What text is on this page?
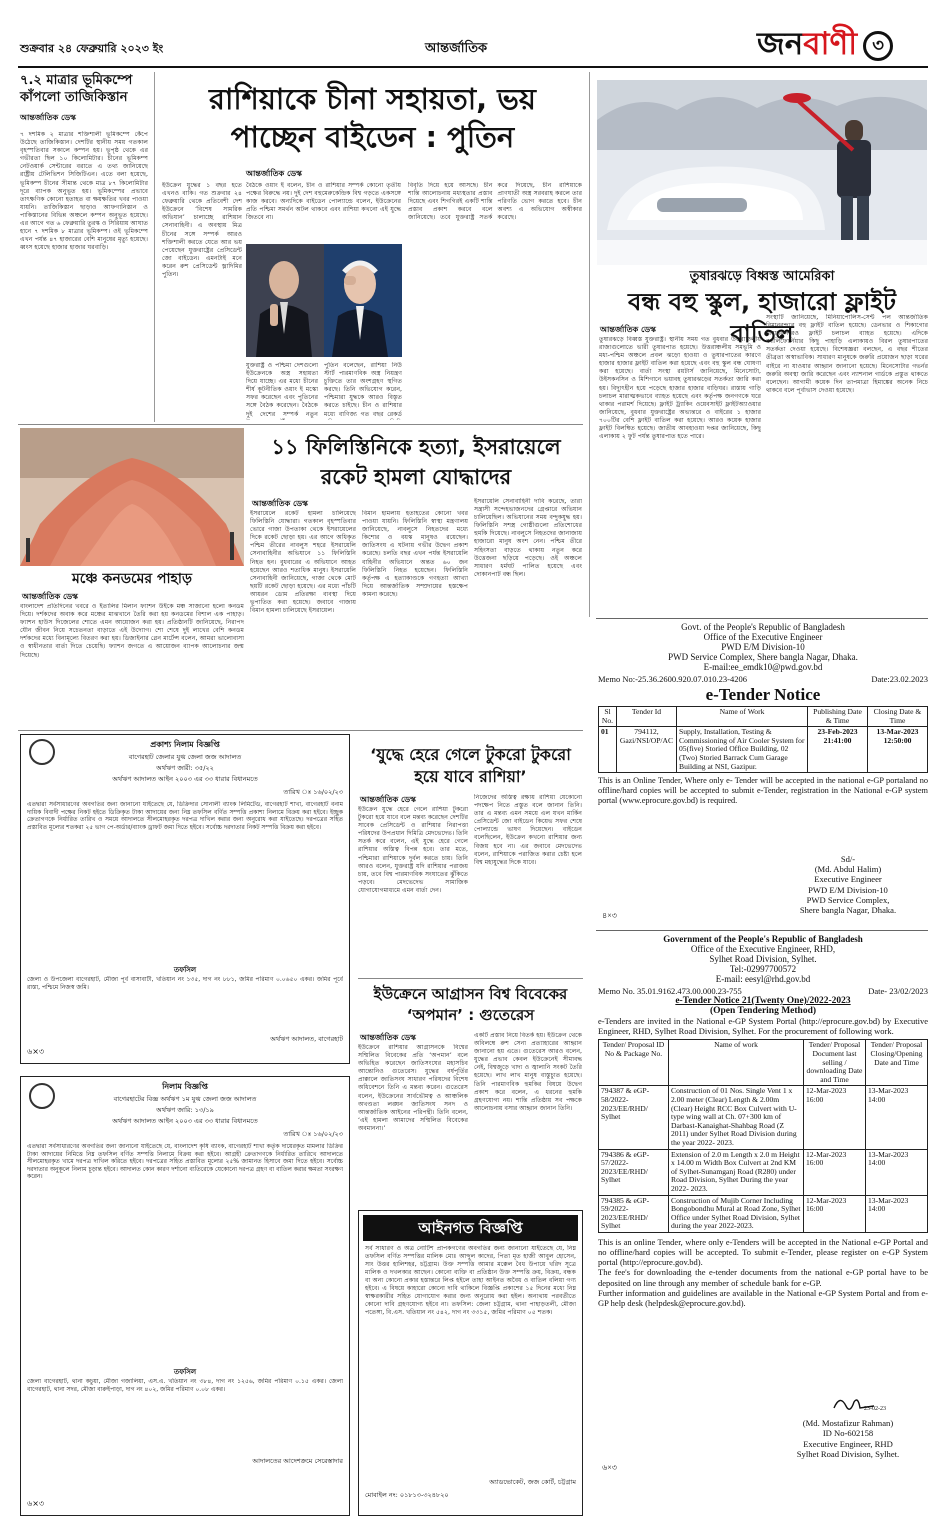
শুক্রবার ২৪ ফেব্রুয়ারি ২০২৩ ইং	আন্তর্জাতিক	জন বাণী ৩
৭.২ মাত্রার ভূমিকম্পে কাঁপলো তাজিকিস্তান
আন্তর্জাতিক ডেস্ক
৭ দশমিক ২ মাত্রার শক্তিশালী ভূমিকম্পে কেঁপে উঠেছে তাজিকিস্তান। দেশটির স্থানীয় সময় গতকাল বৃহস্পতিবার সকালে কম্পন হয়। ভূপৃষ্ঠ থেকে এর গভীরতা ছিল ১০ কিলোমিটার। চীনের ভূমিকম্প নেটওয়ার্ক সেন্টারের বরাতে এ তথ্য জানিয়েছে রাষ্ট্রীয় টেলিভিশন সিজিটিএন। এতে বলা হয়েছে, ভূমিকম্প চীনের সীমান্ত থেকে মাত্র ৮৭ কিলোমিটার দূরে ব্যাপক অনুভূত হয়। ভূমিকম্পের প্রভাবে তাৎক্ষণিক কোনো হতাহত বা ক্ষয়ক্ষতির খবর পাওয়া যায়নি। তাজিকিস্তান ছাড়াও আফগানিস্তান ও পাকিস্তানের বিভিন্ন অঞ্চলে কম্পন অনুভূত হয়েছে। এর আগে গত ৬ ফেব্রুয়ারি তুরস্ক ও সিরিয়ায় আঘাত হানে ৭ দশমিক ৮ মাত্রার ভূমিকম্প। ওই ভূমিকম্পে এখন পর্যন্ত ৪৭ হাজারের বেশি মানুষের মৃত্যু হয়েছে। ধ্বংস হয়েছে হাজার হাজার ঘরবাড়ি।
রাশিয়াকে চীনা সহায়তা, ভয় পাচ্ছেন বাইডেন : পুতিন
আন্তর্জাতিক ডেস্ক
ইউক্রেন যুদ্ধের ১ বছর হতে এখনও বাকি। গত শুক্রবার ২৪ ফেব্রুয়ারি থেকে প্রতিবেশী দেশ ইউক্রেনে ‘বিশেষ সামরিক অভিযান’ চালাচ্ছে রাশিয়ান সেনাবাহিনী। এ অবস্থায় মিত্র চীনের সঙ্গে সম্পর্ক আরও শক্তিশালী করতে যেতে আর ভয় পেয়েছেন যুক্তরাষ্ট্রের প্রেসিডেন্ট জো বাইডেন। এমনটাই মনে করেন রুশ প্রেসিডেন্ট ভ্লাদিমির পুতিন।
বৈঠকে ওয়াং ই বলেন, চীন ও রাশিয়ার সম্পর্ক কোনো তৃতীয় পক্ষের বিরুদ্ধে নয়। দুই দেশ বহুমেরুকেন্দ্রিক বিশ্ব গড়তে একসঙ্গে কাজ করবে। অন্যদিকে বাইডেন পোল্যান্ডে বলেন, ইউক্রেনের প্রতি পশ্চিমা সমর্থন অটল থাকবে এবং রাশিয়া কখনো এই যুদ্ধে জিতবে না।
যুক্তরাষ্ট্র ও পশ্চিমা দেশগুলো ইউক্রেনকে অস্ত্র সহায়তা দিয়ে যাচ্ছে। এর মধ্যে চীনের শীর্ষ কূটনীতিক ওয়াং ই মস্কো সফর করেছেন এবং পুতিনের সঙ্গে বৈঠক করেছেন। বৈঠকে দুই দেশের সম্পর্ক নতুন
পুতিন বলেছেন, রাশিয়া নিউ স্টার্ট পারমাণবিক অস্ত্র নিয়ন্ত্রণ চুক্তিতে তার অংশগ্রহণ স্থগিত করছে। তিনি অভিযোগ করেন, পশ্চিমারা যুদ্ধকে আরও বিস্তৃত করতে চাইছে। চীন ও রাশিয়ার মধ্যে বাণিজ্য গত বছর রেকর্ড
বিবৃতি দিয়ে হয়ে আসছে। চীন শান্তি আলোচনায় মধ্যস্থতার প্রস্তাব দিয়েছে এবং শিগগিরই একটি শান্তি প্রস্তাব প্রকাশ করবে বলে জানিয়েছে। তবে যুক্তরাষ্ট্র সতর্ক করে দিয়েছে, চীন রাশিয়াকে প্রাণঘাতী অস্ত্র সরবরাহ করলে তার পরিণতি ভোগ করতে হবে। চীন অবশ্য এ অভিযোগ অস্বীকার করেছে।
তুষারঝড়ে বিধ্বস্ত আমেরিকা
বন্ধ বহু স্কুল, হাজারো ফ্লাইট বাতিল
আন্তর্জাতিক ডেস্ক
তুষারঝড়ে বিধ্বস্ত যুক্তরাষ্ট্র। স্থানীয় সময় গত বুধবার উত্তরাঞ্চলীয় রাজ্যগুলোতে ভারী তুষারপাত হয়েছে। উত্তরাঞ্চলীয় সমভূমি ও মধ্য-পশ্চিম অঞ্চলে প্রবল ঝড়ো হাওয়া ও তুষারপাতের কারণে হাজার হাজার ফ্লাইট বাতিল করা হয়েছে এবং বহু স্কুল বন্ধ ঘোষণা করা হয়েছে। বার্তা সংস্থা রয়টার্স জানিয়েছে, মিনেসোটা, উইসকনসিন ও মিশিগানে ভয়াবহ তুষারঝড়ের সতর্কতা জারি করা হয়। বিদ্যুৎহীন হয়ে পড়েছে হাজার হাজার বাড়িঘর। রাস্তায় গাড়ি চলাচল মারাত্মকভাবে ব্যাহত হয়েছে এবং কর্তৃপক্ষ জনগণকে ঘরে থাকার পরামর্শ দিয়েছে। ফ্লাইট ট্র্যাকিং ওয়েবসাইট ফ্লাইটঅ্যাওয়ার জানিয়েছে, বুধবার যুক্তরাষ্ট্রের অভ্যন্তরে ও বাইরের ১ হাজার ৭০০টির বেশি ফ্লাইট বাতিল করা হয়েছে। আরও কয়েক হাজার ফ্লাইট বিলম্বিত হয়েছে। জাতীয় আবহাওয়া দপ্তর জানিয়েছে, কিছু এলাকায় ২ ফুট পর্যন্ত তুষারপাত হতে পারে।
সংস্থাটি জানিয়েছে, মিনিয়াপোলিস-সেন্ট পল আন্তর্জাতিক বিমানবন্দরে বহু ফ্লাইট বাতিল হয়েছে। ডেনভার ও শিকাগোর বিমানবন্দরেও ফ্লাইট চলাচল ব্যাহত হয়েছে। এদিকে ক্যালিফোর্নিয়ার কিছু পাহাড়ি এলাকায়ও বিরল তুষারপাতের সতর্কতা দেওয়া হয়েছে। বিশেষজ্ঞরা বলছেন, এ বছর শীতের তীব্রতা অস্বাভাবিক। সাধারণ মানুষকে জরুরি প্রয়োজন ছাড়া ঘরের বাইরে না যাওয়ার আহ্বান জানানো হয়েছে। মিনেসোটার গভর্নর জরুরি অবস্থা জারি করেছেন এবং ন্যাশনাল গার্ডকে প্রস্তুত থাকতে বলেছেন। আগামী কয়েক দিন তাপমাত্রা হিমাঙ্কের অনেক নিচে থাকবে বলে পূর্বাভাস দেওয়া হয়েছে।
মঞ্চে কনডমের পাহাড়
আন্তর্জাতিক ডেস্ক
বাংলাদেশ প্রতিদিনের খবরে ও ইতালির মিলান ফ্যাশন উইকে মঞ্চ সাজানো হলো কনডম দিয়ে। দর্শকদের অবাক করে মঞ্চের মাঝখানে তৈরি করা হয় কনডমের বিশাল এক পাহাড়। ফ্যাশন হাউস দিজেলের শোতে এমন আয়োজন করা হয়। প্রতিষ্ঠানটি জানিয়েছে, নিরাপদ যৌন জীবন নিয়ে সচেতনতা বাড়াতে এই উদ্যোগ। শো শেষে দুই লাখের বেশি কনডম দর্শকদের মধ্যে বিনামূল্যে বিতরণ করা হয়। ডিজাইনার গ্লেন মার্টেন্স বলেন, আমরা ভালোবাসা ও স্বাধীনতার বার্তা দিতে চেয়েছি। ফ্যাশন জগতে এ আয়োজন ব্যাপক আলোচনার জন্ম দিয়েছে।
১১ ফিলিস্তিনিকে হত্যা, ইসরায়েলে রকেট হামলা যোদ্ধাদের
আন্তর্জাতিক ডেস্ক
ইসরায়েলে রকেট হামলা চালিয়েছে ফিলিস্তিনি যোদ্ধারা। গতকাল বৃহস্পতিবার ভোরে গাজা উপত্যকা থেকে ইসরায়েলের দিকে রকেট ছোড়া হয়। এর আগে অধিকৃত পশ্চিম তীরের নাবলুস শহরে ইসরায়েলি সেনাবাহিনীর অভিযানে ১১ ফিলিস্তিনি নিহত হন। বুধবারের এ অভিযানে আহত হয়েছেন আরও শতাধিক মানুষ। ইসরায়েলি সেনাবাহিনী জানিয়েছে, গাজা থেকে মোট ছয়টি রকেট ছোড়া হয়েছে। এর মধ্যে পাঁচটি আয়রন ডোম প্রতিরক্ষা ব্যবস্থা দিয়ে ভূপাতিত করা হয়েছে। জবাবে গাজায় বিমান হামলা চালিয়েছে ইসরায়েল।
বিমান হামলায় হতাহতের কোনো খবর পাওয়া যায়নি। ফিলিস্তিনি স্বাস্থ্য মন্ত্রণালয় জানিয়েছে, নাবলুসে নিহতদের মধ্যে কিশোর ও বয়স্ক মানুষও রয়েছেন। জাতিসংঘ এ ঘটনায় গভীর উদ্বেগ প্রকাশ করেছে। চলতি বছর এখন পর্যন্ত ইসরায়েলি বাহিনীর অভিযানে অন্তত ৬০ জন ফিলিস্তিনি নিহত হয়েছেন। ফিলিস্তিনি কর্তৃপক্ষ এ হত্যাকাণ্ডকে গণহত্যা আখ্যা দিয়ে আন্তর্জাতিক সম্প্রদায়ের হস্তক্ষেপ কামনা করেছে।
ইসরায়েলি সেনাবাহিনী দাবি করেছে, তারা সন্ত্রাসী সন্দেহভাজনদের গ্রেপ্তারে অভিযান চালিয়েছিল। অভিযানের সময় বন্দুকযুদ্ধ হয়। ফিলিস্তিনি সশস্ত্র গোষ্ঠীগুলো প্রতিশোধের হুমকি দিয়েছে। নাবলুসে নিহতদের জানাজায় হাজারো মানুষ অংশ নেন। পশ্চিম তীরে সহিংসতা বাড়তে থাকায় নতুন করে উত্তেজনা ছড়িয়ে পড়েছে। ওই অঞ্চলে সাধারণ ধর্মঘট পালিত হয়েছে এবং দোকানপাট বন্ধ ছিল।
প্রকাশ্য নিলাম বিজ্ঞপ্তি
বাগেরহাট জেলার যুগ্ম জেলা জজ আদালত
অর্থঋণ জারী: ৩৫/২২
অর্থঋণ আদালত আইন ২০০৩ এর ৩৩ ধারার বিধানমতে
তারিখ ঃ ১৬/০২/২৩
এতদ্বারা সর্বসাধারণের অবগতির জন্য জানানো যাইতেছে যে, ডিক্রিদার সোনালী ব্যাংক লিমিটেড, বাগেরহাট শাখা, বাগেরহাট বনাম দায়িক বিবাদী পক্ষের নিকট হইতে ডিক্রিকৃত টাকা আদায়ের জন্য নিম্ন তফসিল বর্ণিত সম্পত্তি প্রকাশ্য নিলামে বিক্রয় করা হইবে। ইচ্ছুক ক্রেতাগণকে নির্ধারিত তারিখ ও সময়ে আদালতে সীলমোহরকৃত দরপত্র দাখিল করার জন্য অনুরোধ করা যাইতেছে। দরপত্রের সহিত প্রস্তাবিত মূল্যের শতকরা ২৫ ভাগ পে-অর্ডার/ব্যাংক ড্রাফট জমা দিতে হইবে। সর্বোচ্চ দরদাতার নিকট সম্পত্তি বিক্রয় করা হইবে।
তফসিল
জেলা ও উপজেলা বাগেরহাট, মৌজা পূর্ব বাসাবাটী, খতিয়ান নং ১৩৫, দাগ নং ৮৮১, জমির পরিমাণ ০.০৬৫০ একর। জমির পূর্বে রাস্তা, পশ্চিমে নিজস্ব জমি।
অর্থঋণ আদালত, বাগেরহাট
৬×৩
নিলাম বিজ্ঞপ্তি
বাগেরহাটের বিজ্ঞ অর্থঋণ ১ম যুগ্ম জেলা জজ আদালত
অর্থঋণ জারি: ১৩/১৯
অর্থঋণ আদালত আইন ২০০৩ এর ৩৩ ধারার বিধানমতে
তারিখ ঃ ১৬/০২/২৩
এতদ্বারা সর্বসাধারণের অবগতির জন্য জানানো যাইতেছে যে, বাংলাদেশ কৃষি ব্যাংক, বাগেরহাট শাখা কর্তৃক দায়েরকৃত মামলার ডিক্রির টাকা আদায়ের নিমিত্তে নিম্ন তফসিল বর্ণিত সম্পত্তি নিলামে বিক্রয় করা হইবে। আগ্রহী ক্রেতাগণকে নির্ধারিত তারিখে আদালতে সীলমোহরকৃত খামে দরপত্র দাখিল করিতে হইবে। দরপত্রের সহিত প্রস্তাবিত মূল্যের ২৫% জামানত হিসাবে জমা দিতে হইবে। সর্বোচ্চ দরদাতার অনুকূলে নিলাম চূড়ান্ত হইবে। আদালত কোন কারণ দর্শানো ব্যতিরেকে যেকোনো দরপত্র গ্রহণ বা বাতিল করার ক্ষমতা সংরক্ষণ করেন।
তফসিল
জেলা বাগেরহাট, থানা কচুয়া, মৌজা গজালিয়া, এস.এ. খতিয়ান নং ৩৮৪, দাগ নং ১২৫৬, জমির পরিমাণ ০.১৫ একর। জেলা বাগেরহাট, থানা সদর, মৌজা বারুইপাড়া, দাগ নং ৪০২, জমির পরিমাণ ০.০৮ একর।
আদালতের আদেশক্রমে সেরেস্তাদার
৬×৩
‘যুদ্ধে হেরে গেলে টুকরো টুকরো হয়ে যাবে রাশিয়া’
আন্তর্জাতিক ডেস্ক
ইউক্রেন যুদ্ধে হেরে গেলে রাশিয়া টুকরো টুকরো হয়ে যাবে বলে মন্তব্য করেছেন দেশটির সাবেক প্রেসিডেন্ট ও রাশিয়ার নিরাপত্তা পরিষদের উপপ্রধান দিমিত্রি মেদভেদেভ। তিনি সতর্ক করে বলেন, এই যুদ্ধে হেরে গেলে রাশিয়ার অস্তিত্ব বিপন্ন হবে। তার মতে, পশ্চিমারা রাশিয়াকে দুর্বল করতে চায়। তিনি আরও বলেন, যুক্তরাষ্ট্র যদি রাশিয়ার পরাজয় চায়, তবে বিশ্ব পারমাণবিক সংঘাতের ঝুঁকিতে পড়বে। মেদভেদেভ সামাজিক যোগাযোগমাধ্যমে এমন বার্তা দেন।
নিজেদের অস্তিত্ব রক্ষায় রাশিয়া যেকোনো পদক্ষেপ নিতে প্রস্তুত বলে জানান তিনি। তার এ মন্তব্য এমন সময়ে এল যখন মার্কিন প্রেসিডেন্ট জো বাইডেন কিয়েভ সফর শেষে পোল্যান্ডে ভাষণ দিয়েছেন। বাইডেন বলেছিলেন, ইউক্রেন কখনো রাশিয়ার জন্য বিজয় হবে না। এর জবাবে মেদভেদেভ বলেন, রাশিয়াকে পরাজিত করার চেষ্টা হলে বিশ্ব মহাযুদ্ধের দিকে যাবে।
ইউক্রেনে আগ্রাসন বিশ্ব বিবেকের ‘অপমান’ : গুতেরেস
আন্তর্জাতিক ডেস্ক
ইউক্রেনে রাশিয়ার আগ্রাসনকে বিশ্বের সম্মিলিত বিবেকের প্রতি ‘অপমান’ বলে অভিহিত করেছেন জাতিসংঘের মহাসচিব আন্তোনিও গুতেরেস। যুদ্ধের বর্ষপূর্তির প্রাক্কালে জাতিসংঘ সাধারণ পরিষদের বিশেষ অধিবেশনে তিনি এ মন্তব্য করেন। গুতেরেস বলেন, ইউক্রেনের সার্বভৌমত্ব ও আঞ্চলিক অখণ্ডতা লঙ্ঘন জাতিসংঘ সনদ ও আন্তর্জাতিক আইনের পরিপন্থী। তিনি বলেন, ‘এই হামলা আমাদের সম্মিলিত বিবেকের অবমাননা।’
একটি প্রস্তাব নিয়ে বিতর্ক হয়। ইউক্রেন থেকে অবিলম্বে রুশ সেনা প্রত্যাহারের আহ্বান জানানো হয় এতে। গুতেরেস আরও বলেন, যুদ্ধের প্রভাব কেবল ইউক্রেনেই সীমাবদ্ধ নেই, বিশ্বজুড়ে খাদ্য ও জ্বালানি সংকট তৈরি হয়েছে। লাখ লাখ মানুষ বাস্তুচ্যুত হয়েছে। তিনি পারমাণবিক হুমকির বিষয়ে উদ্বেগ প্রকাশ করে বলেন, এ ধরনের হুমকি গ্রহণযোগ্য নয়। শান্তি প্রতিষ্ঠায় সব পক্ষকে আলোচনায় বসার আহ্বান জানান তিনি।
আইনগত বিজ্ঞপ্তি
সর্ব সাধারণ ও অত্র নোটিশ প্রাপকগণের অবগতির জন্য জানানো যাইতেছে যে, নিম্ন তফসিল বর্ণিত সম্পত্তির মালিক মোঃ আব্দুল কাদের, পিতা মৃত হাজী আবুল হোসেন, সাং উত্তর হালিশহর, চট্টগ্রাম। উক্ত সম্পত্তি আমার মক্কেল বৈধ উপায়ে খরিদ সূত্রে মালিক ও দখলকার আছেন। কোনো ব্যক্তি বা প্রতিষ্ঠান উক্ত সম্পত্তি ক্রয়, বিক্রয়, বন্ধক বা অন্য কোনো প্রকার হস্তান্তরে লিপ্ত হইলে তাহা আইনত অবৈধ ও বাতিল বলিয়া গণ্য হইবে। এ বিষয়ে কাহারো কোনো দাবি থাকিলে বিজ্ঞপ্তি প্রকাশের ১৫ দিনের মধ্যে নিম্ন স্বাক্ষরকারীর সহিত যোগাযোগ করার জন্য অনুরোধ করা হইল। অন্যথায় পরবর্তীতে কোনো দাবি গ্রহণযোগ্য হইবে না। তফসিল: জেলা চট্টগ্রাম, থানা পাহাড়তলী, মৌজা পতেঙ্গা, বি.এস. খতিয়ান নং ৫৪২, দাগ নং ৩৩১৫, জমির পরিমাণ ০৫ শতক।
অ্যাডভোকেট, জজ কোর্ট, চট্টগ্রাম
মোবাইল নং: ০১৮১৩-৩২৪৮২০
Govt. of the People's Republic of Bangladesh
Office of the Executive Engineer
PWD E/M Division-10
PWD Service Complex, Shere bangla Nagar, Dhaka.
E-mail:ee_emdk10@pwd.gov.bd
Memo No:-25.36.2600.920.07.010.23-4206	Date:23.02.2023
e-Tender Notice
Sl No.	Tender Id	Name of Work	Publishing Date & Time	Closing Date & Time
01	794112, Gazi/NSI/OP/AC	Supply, Installation, Testing & Commissioning of Air Cooler System for 05(five) Storied Office Building, 02 (Two) Storied Barrack Cum Garage Building at NSI, Gazipur.	23-Feb-2023 21:41:00	13-Mar-2023 12:50:00
This is an Online Tender, Where only e- Tender will be accepted in the national e-GP portaland no offline/hard copies will be accepted to submit e-Tender, registration in the National e-GP system portal (www.eprocure.gov.bd) is required.
Sd/-
(Md. Abdul Halim)
Executive Engineer
PWD E/M Division-10
PWD Service Complex,
Shere bangla Nagar, Dhaka.
৪×৩
Government of the People's Republic of Bangladesh
Office of the Executive Engineer, RHD,
Sylhet Road Division, Sylhet.
Tel:-02997700572
E-mail: eesyl@rhd.gov.bd
Memo No. 35.01.9162.473.00.000.23-755	Date- 23/02/2023
e-Tender Notice 21(Twenty One)/2022-2023
(Open Tendering Method)
e-Tenders are invited in the National e-GP System Portal (http://eprocure.gov.bd) by Executive Engineer, RHD, Sylhet Road Division, Sylhet. For the procurement of following work.
Tender/ Proposal ID No & Package No.	Name of work	Tender/ Proposal Document last selling / downloading Date and Time	Tender/ Proposal Closing/Opening Date and Time
794387 & eGP-58/2022-2023/EE/RHD/ Sylhet	Construction of 01 Nos. Single Vent 1 x 2.00 meter (Clear) Length & 2.00m (Clear) Height RCC Box Culvert with U-type wing wall at Ch. 07+300 km of Darbast-Kanaighat-Shahbag Road (Z 2011) under Sylhet Road Division during the year 2022- 2023.	12-Mar-2023 16:00	13-Mar-2023 14:00
794386 & eGP-57/2022-2023/EE/RHD/ Sylhet	Extension of 2.0 m Length x 2.0 m Height x 14.00 m Width Box Culvert at 2nd KM of Sylhet-Sunamganj Road (R280) under Road Division, Sylhet During the year 2022- 2023.	12-Mar-2023 16:00	13-Mar-2023 14:00
794385 & eGP-59/2022-2023/EE/RHD/ Sylhet	Construction of Mujib Corner Including Bongobondhu Mural at Road Zone, Sylhet Office under Sylhet Road Division, Sylhet during the year 2022-2023.	12-Mar-2023 16:00	13-Mar-2023 14:00
This is an online Tender, where only e-Tenders will be accepted in the National e-GP Portal and no offline/hard copies will be accepted. To submit e-Tender, please register on e-GP System portal (http://eprocure.gov.bd).
The fee's for downloading the e-tender documents from the national e-GP portal have to be deposited on line through any member of schedule bank for e-GP.
Further information and guidelines are available in the National e-GP System Portal and from e-GP help desk (helpdesk@eprocure.gov.bd).
23-02-23
(Md. Mostafizur Rahman)
ID No-602158
Executive Engineer, RHD
Sylhet Road Division, Sylhet.
৬×৩
